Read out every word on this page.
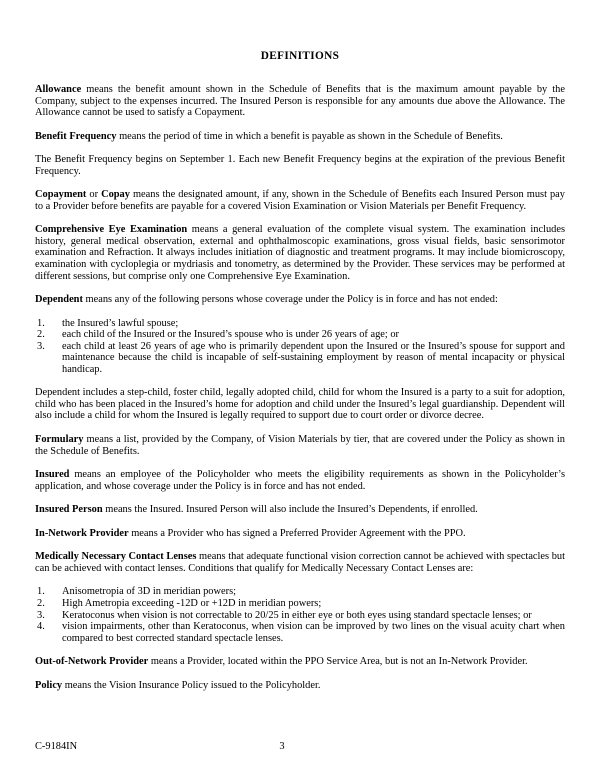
DEFINITIONS

Allowance means the benefit amount shown in the Schedule of Benefits that is the maximum amount payable by the Company, subject to the expenses incurred. The Insured Person is responsible for any amounts due above the Allowance. The Allowance cannot be used to satisfy a Copayment.

Benefit Frequency means the period of time in which a benefit is payable as shown in the Schedule of Benefits.

The Benefit Frequency begins on September 1. Each new Benefit Frequency begins at the expiration of the previous Benefit Frequency.

Copayment or Copay means the designated amount, if any, shown in the Schedule of Benefits each Insured Person must pay to a Provider before benefits are payable for a covered Vision Examination or Vision Materials per Benefit Frequency.

Comprehensive Eye Examination means a general evaluation of the complete visual system. The examination includes history, general medical observation, external and ophthalmoscopic examinations, gross visual fields, basic sensorimotor examination and Refraction. It always includes initiation of diagnostic and treatment programs. It may include biomicroscopy, examination with cycloplegia or mydriasis and tonometry, as determined by the Provider. These services may be performed at different sessions, but comprise only one Comprehensive Eye Examination.

Dependent means any of the following persons whose coverage under the Policy is in force and has not ended:

1.	the Insured’s lawful spouse;
2.	each child of the Insured or the Insured’s spouse who is under 26 years of age; or
3.	each child at least 26 years of age who is primarily dependent upon the Insured or the Insured’s spouse for support and maintenance because the child is incapable of self-sustaining employment by reason of mental incapacity or physical handicap.

Dependent includes a step-child, foster child, legally adopted child, child for whom the Insured is a party to a suit for adoption, child who has been placed in the Insured’s home for adoption and child under the Insured’s legal guardianship. Dependent will also include a child for whom the Insured is legally required to support due to court order or divorce decree.

Formulary means a list, provided by the Company, of Vision Materials by tier, that are covered under the Policy as shown in the Schedule of Benefits.

Insured means an employee of the Policyholder who meets the eligibility requirements as shown in the Policyholder’s application, and whose coverage under the Policy is in force and has not ended.

Insured Person means the Insured. Insured Person will also include the Insured’s Dependents, if enrolled.

In-Network Provider means a Provider who has signed a Preferred Provider Agreement with the PPO.

Medically Necessary Contact Lenses means that adequate functional vision correction cannot be achieved with spectacles but can be achieved with contact lenses. Conditions that qualify for Medically Necessary Contact Lenses are:

1.	Anisometropia of 3D in meridian powers;
2.	High Ametropia exceeding -12D or +12D in meridian powers;
3.	Keratoconus when vision is not correctable to 20/25 in either eye or both eyes using standard spectacle lenses; or
4.	vision impairments, other than Keratoconus, when vision can be improved by two lines on the visual acuity chart when compared to best corrected standard spectacle lenses.

Out-of-Network Provider means a Provider, located within the PPO Service Area, but is not an In-Network Provider.

Policy means the Vision Insurance Policy issued to the Policyholder.

C-9184IN	3
